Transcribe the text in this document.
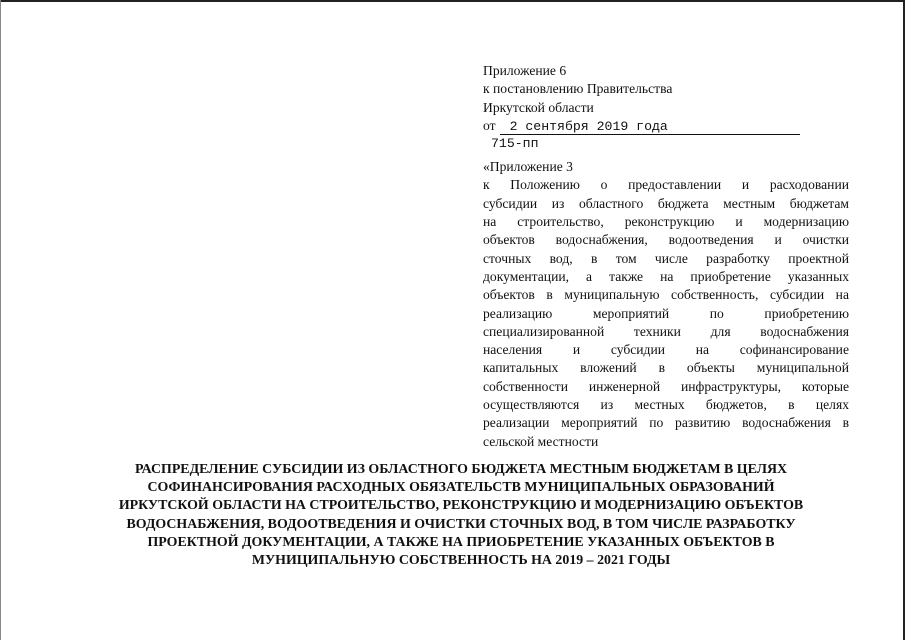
Приложение 6
к постановлению Правительства
Иркутской области
от	2 сентября 2019 года
715-пп
«Приложение 3
к Положению о предоставлении и расходовании
субсидии из областного бюджета местным бюджетам
на строительство, реконструкцию и модернизацию
объектов водоснабжения, водоотведения и очистки
сточных вод, в том числе разработку проектной
документации, а также на приобретение указанных
объектов в муниципальную собственность, субсидии на
реализацию мероприятий по приобретению
специализированной техники для водоснабжения
населения и субсидии на софинансирование
капитальных вложений в объекты муниципальной
собственности инженерной инфраструктуры, которые
осуществляются из местных бюджетов, в целях
реализации мероприятий по развитию водоснабжения в
сельской местности
РАСПРЕДЕЛЕНИЕ СУБСИДИИ ИЗ ОБЛАСТНОГО БЮДЖЕТА МЕСТНЫМ БЮДЖЕТАМ В ЦЕЛЯХ
СОФИНАНСИРОВАНИЯ РАСХОДНЫХ ОБЯЗАТЕЛЬСТВ МУНИЦИПАЛЬНЫХ ОБРАЗОВАНИЙ
ИРКУТСКОЙ ОБЛАСТИ НА СТРОИТЕЛЬСТВО, РЕКОНСТРУКЦИЮ И МОДЕРНИЗАЦИЮ ОБЪЕКТОВ
ВОДОСНАБЖЕНИЯ, ВОДООТВЕДЕНИЯ И ОЧИСТКИ СТОЧНЫХ ВОД, В ТОМ ЧИСЛЕ РАЗРАБОТКУ
ПРОЕКТНОЙ ДОКУМЕНТАЦИИ, А ТАКЖЕ НА ПРИОБРЕТЕНИЕ УКАЗАННЫХ ОБЪЕКТОВ В
МУНИЦИПАЛЬНУЮ СОБСТВЕННОСТЬ НА 2019 – 2021 ГОДЫ
